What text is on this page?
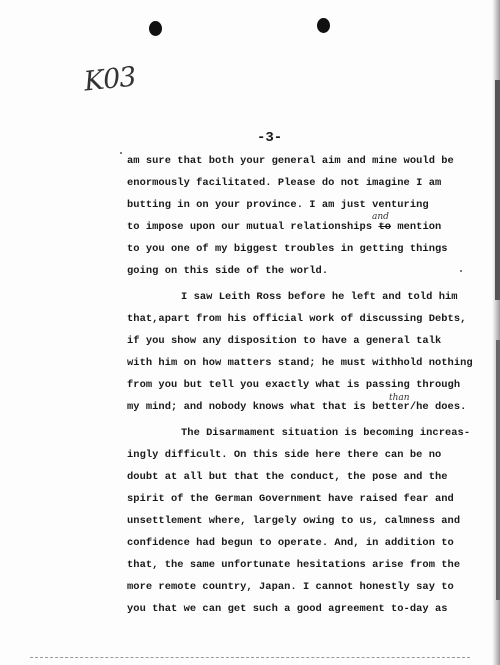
K03
-3-
am sure that both your general aim and mine would be
enormously facilitated. Please do not imagine I am
butting in on your province. I am just venturing
and
to impose upon our mutual relationships to mention
to you one of my biggest troubles in getting things
going on this side of the world.
I saw Leith Ross before he left and told him
that,apart from his official work of discussing Debts,
if you show any disposition to have a general talk
with him on how matters stand; he must withhold nothing
from you but tell you exactly what is passing through
than
my mind; and nobody knows what that is better/he does.
The Disarmament situation is becoming increas-
ingly difficult. On this side here there can be no
doubt at all but that the conduct, the pose and the
spirit of the German Government have raised fear and
unsettlement where, largely owing to us, calmness and
confidence had begun to operate. And, in addition to
that, the same unfortunate hesitations arise from the
more remote country, Japan. I cannot honestly say to
you that we can get such a good agreement to-day as
